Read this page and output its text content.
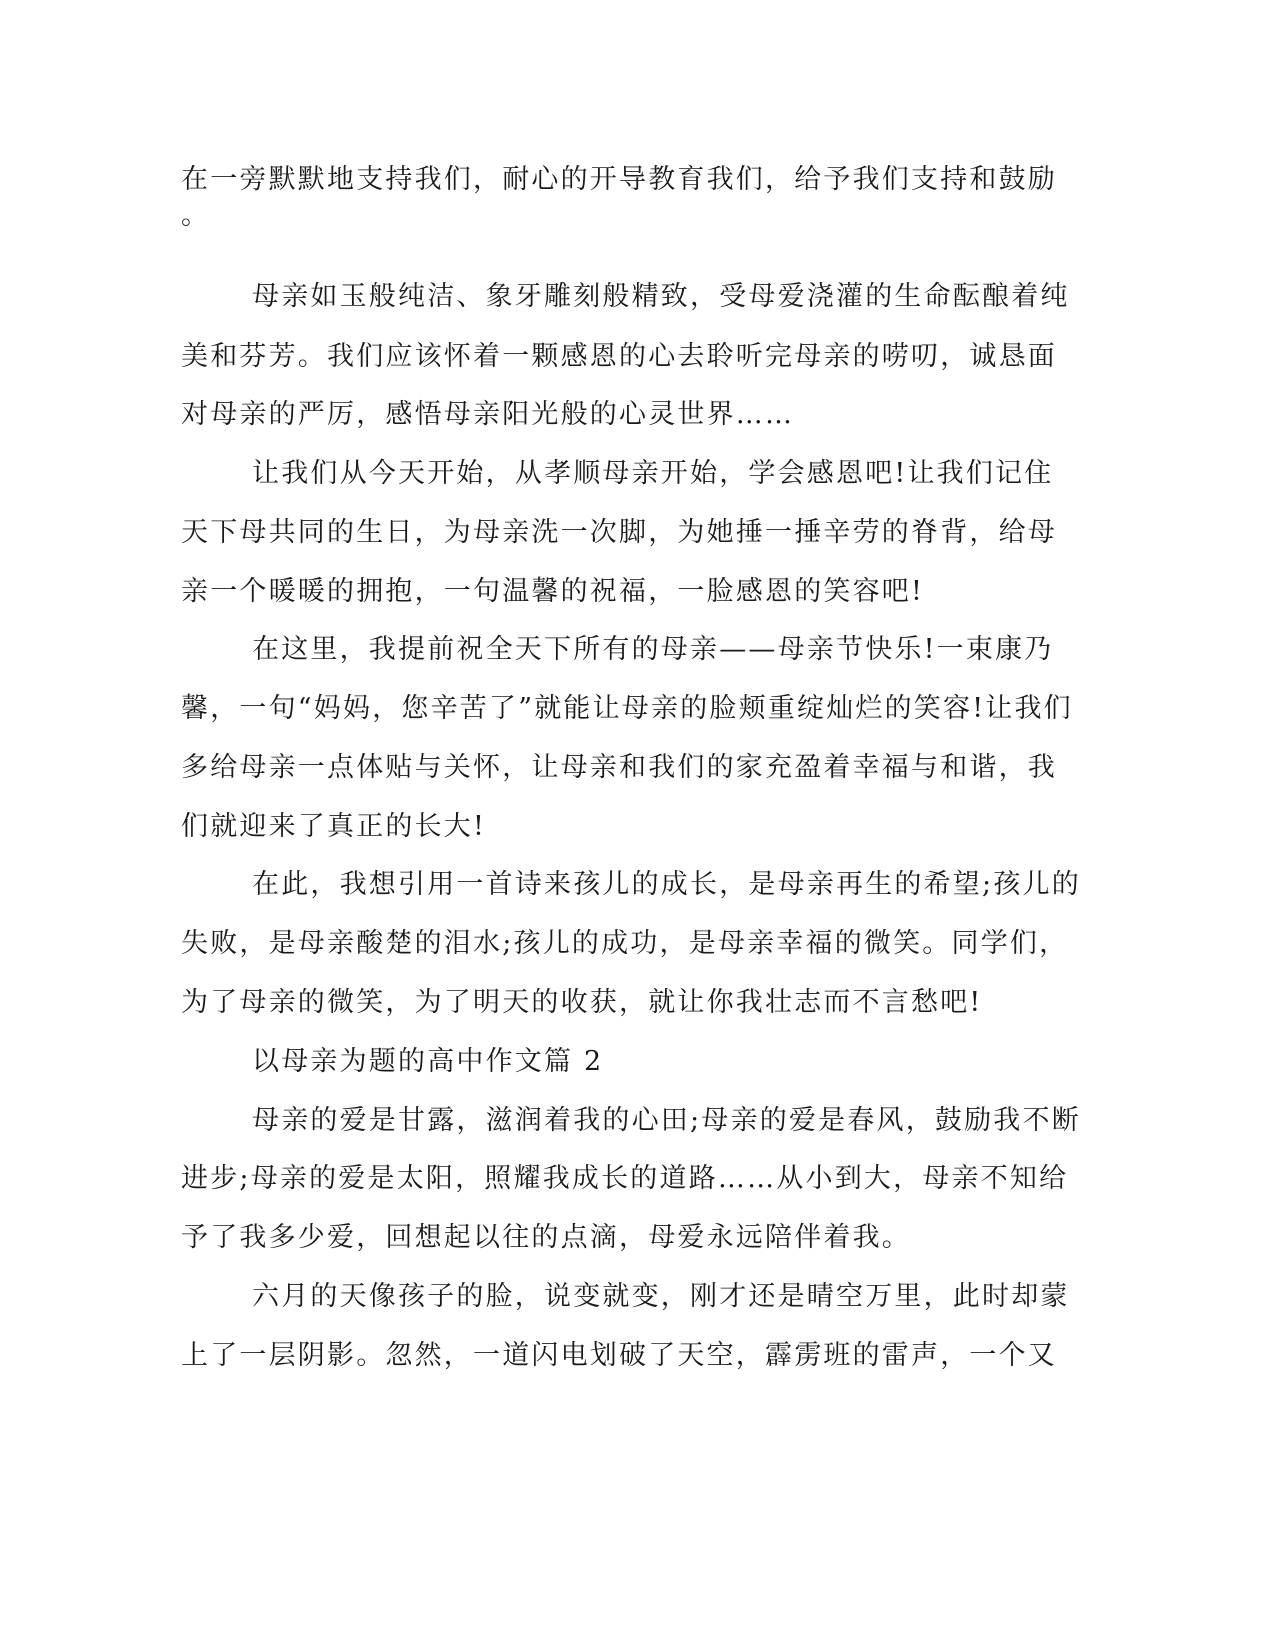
在一旁默默地支持我们，耐心的开导教育我们，给予我们支持和鼓励
。
母亲如玉般纯洁、象牙雕刻般精致，受母爱浇灌的生命酝酿着纯
美和芬芳。我们应该怀着一颗感恩的心去聆听完母亲的唠叨，诚恳面
对母亲的严厉，感悟母亲阳光般的心灵世界……
让我们从今天开始，从孝顺母亲开始，学会感恩吧!让我们记住
天下母共同的生日，为母亲洗一次脚，为她捶一捶辛劳的脊背，给母
亲一个暖暖的拥抱，一句温馨的祝福，一脸感恩的笑容吧!
在这里，我提前祝全天下所有的母亲——母亲节快乐!一束康乃
馨，一句“妈妈，您辛苦了”就能让母亲的脸颊重绽灿烂的笑容!让我们
多给母亲一点体贴与关怀，让母亲和我们的家充盈着幸福与和谐，我
们就迎来了真正的长大!
在此，我想引用一首诗来孩儿的成长，是母亲再生的希望;孩儿的
失败，是母亲酸楚的泪水;孩儿的成功，是母亲幸福的微笑。同学们，
为了母亲的微笑，为了明天的收获，就让你我壮志而不言愁吧!
以母亲为题的高中作文篇 2
母亲的爱是甘露，滋润着我的心田;母亲的爱是春风，鼓励我不断
进步;母亲的爱是太阳，照耀我成长的道路……从小到大，母亲不知给
予了我多少爱，回想起以往的点滴，母爱永远陪伴着我。
六月的天像孩子的脸，说变就变，刚才还是晴空万里，此时却蒙
上了一层阴影。忽然，一道闪电划破了天空，霹雳班的雷声，一个又
